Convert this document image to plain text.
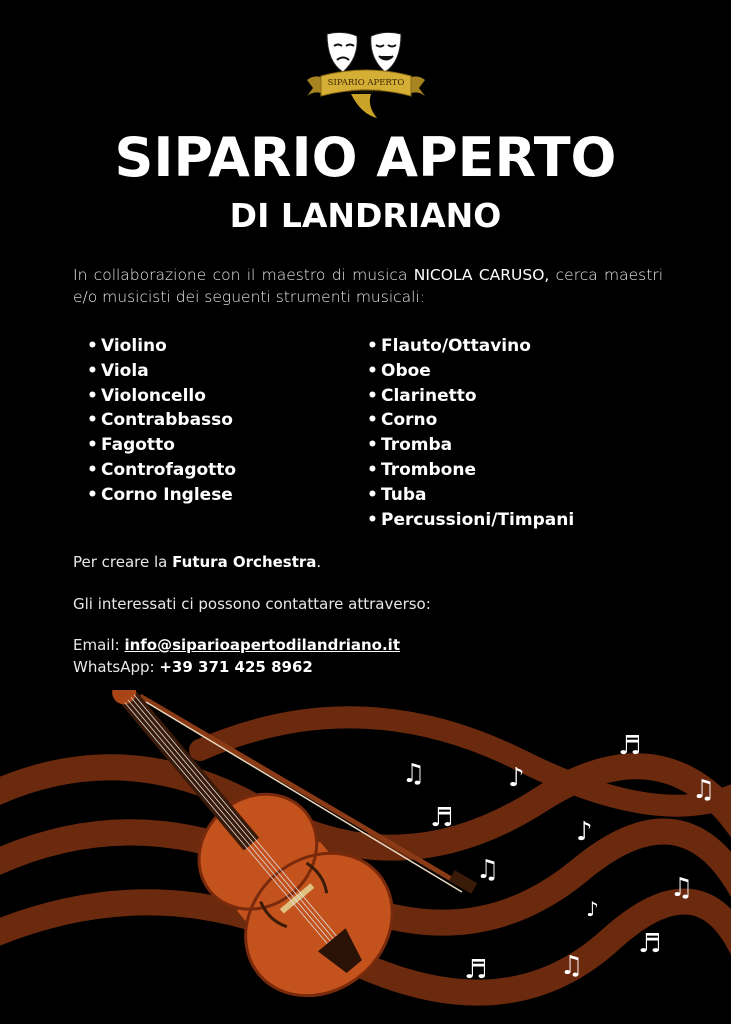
SIPARIO APERTO
LANDRIANO
SIPARIO APERTO
DI LANDRIANO

In collaborazione con il maestro di musica NICOLA CARUSO, cerca maestri e/o musicisti dei seguenti strumenti musicali:

• Violino
• Viola
• Violoncello
• Contrabbasso
• Fagotto
• Controfagotto
• Corno Inglese
• Flauto/Ottavino
• Oboe
• Clarinetto
• Corno
• Tromba
• Trombone
• Tuba
• Percussioni/Timpani

Per creare la Futura Orchestra.

Gli interessati ci possono contattare attraverso:

Email: info@siparioapertodilandriano.it

WhatsApp: +39 371 425 8962

♫	♪
♬
♫
♬	♪
♫
♫
♪
♬
♬	♫
